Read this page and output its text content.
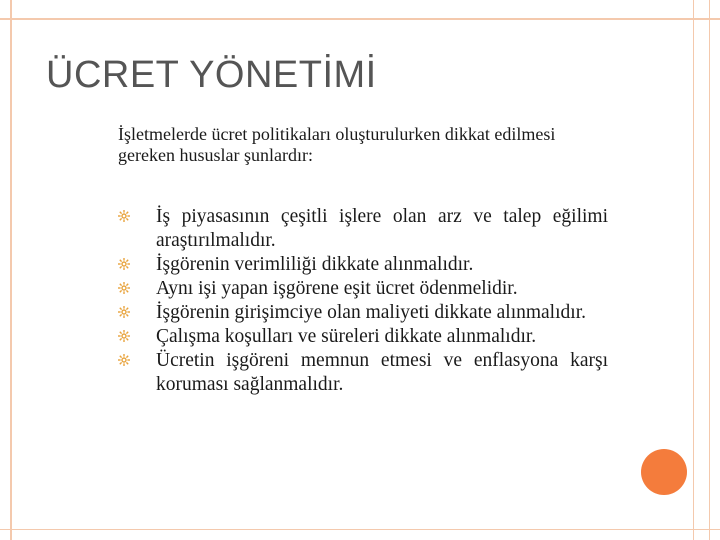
ÜCRET YÖNETİMİ
İşletmelerde ücret politikaları oluşturulurken dikkat edilmesi gereken hususlar şunlardır:
İş piyasasının çeşitli işlere olan arz ve talep eğilimi araştırılmalıdır.
İşgörenin verimliliği dikkate alınmalıdır.
Aynı işi yapan işgörene eşit ücret ödenmelidir.
İşgörenin girişimciye olan maliyeti dikkate alınmalıdır.
Çalışma koşulları ve süreleri dikkate alınmalıdır.
Ücretin işgöreni memnun etmesi ve enflasyona karşı koruması sağlanmalıdır.
